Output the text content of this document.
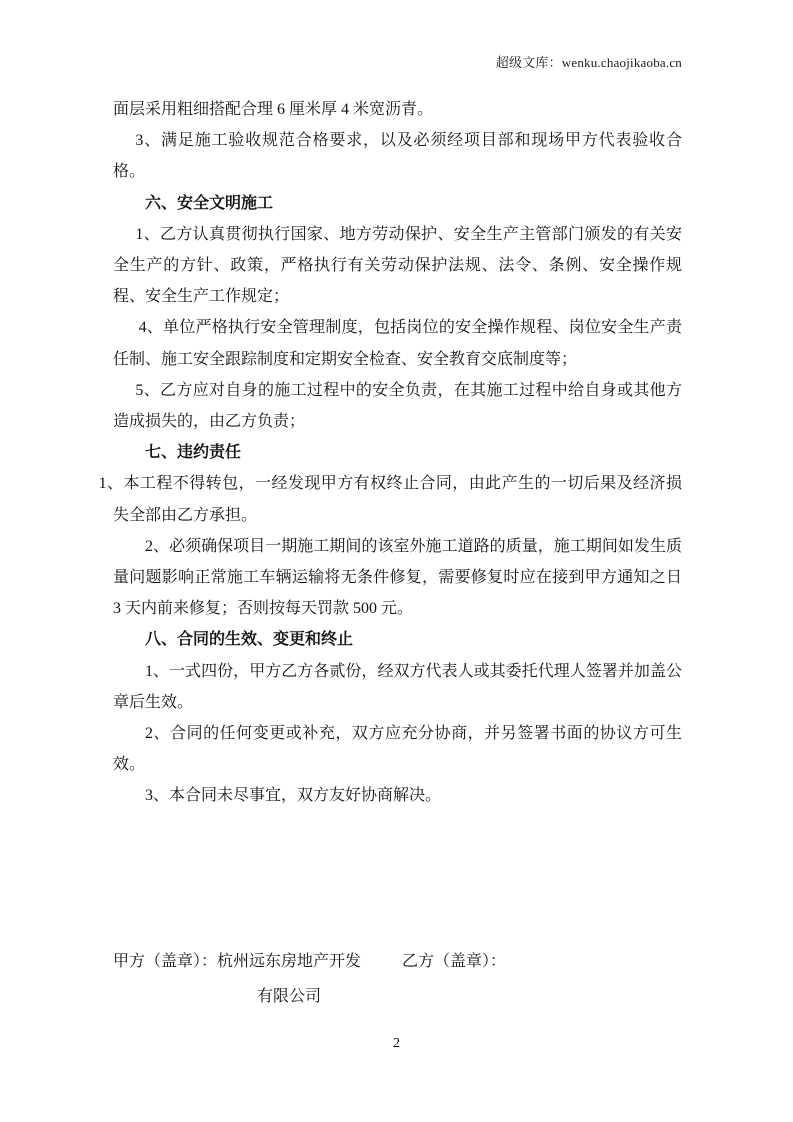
超级文库：wenku.chaojikaoba.cn

面层采用粗细搭配合理 6 厘米厚 4 米宽沥青。

3、满足施工验收规范合格要求，以及必须经项目部和现场甲方代表验收合格。

六、安全文明施工

1、乙方认真贯彻执行国家、地方劳动保护、安全生产主管部门颁发的有关安全生产的方针、政策，严格执行有关劳动保护法规、法令、条例、安全操作规程、安全生产工作规定；

4、单位严格执行安全管理制度，包括岗位的安全操作规程、岗位安全生产责任制、施工安全跟踪制度和定期安全检查、安全教育交底制度等；

5、乙方应对自身的施工过程中的安全负责，在其施工过程中给自身或其他方造成损失的，由乙方负责；

七、违约责任

1、本工程不得转包，一经发现甲方有权终止合同，由此产生的一切后果及经济损失全部由乙方承担。

2、必须确保项目一期施工期间的该室外施工道路的质量，施工期间如发生质量问题影响正常施工车辆运输将无条件修复，需要修复时应在接到甲方通知之日 3 天内前来修复；否则按每天罚款 500 元。

八、合同的生效、变更和终止

1、一式四份，甲方乙方各贰份，经双方代表人或其委托代理人签署并加盖公章后生效。

2、合同的任何变更或补充，双方应充分协商，并另签署书面的协议方可生效。

3、本合同未尽事宜，双方友好协商解决。

甲方（盖章）：杭州远东房地产开发	乙方（盖章）：
有限公司
2
